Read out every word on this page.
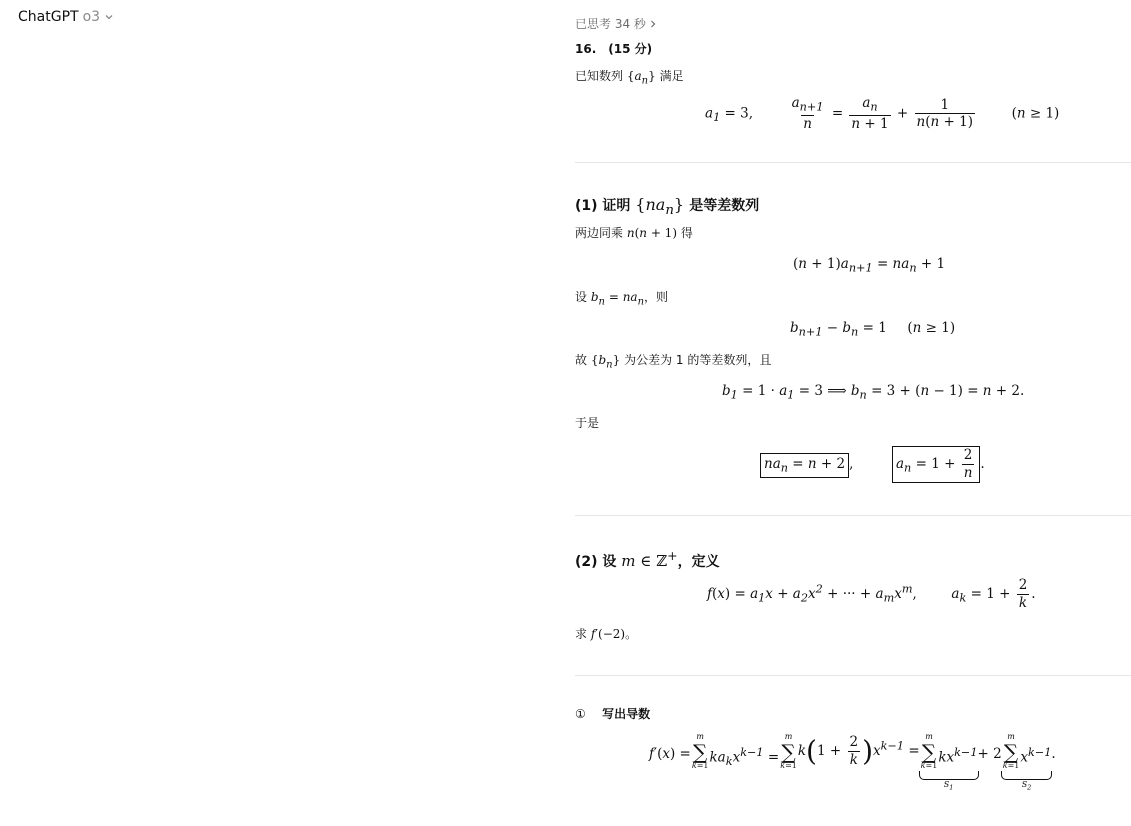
ChatGPT o3	已思考 34 秒
16. (15 分)
已知数列 $\{a_n\}$ 满足
$a_1 = 3$,	$\frac{a_{n+1}}{n} = \frac{a_n}{n + 1} + \frac{1}{n(n + 1)}$	(n ≥ 1)
(1) 证明 $\{na_n\}$ 是等差数列
两边同乘 n(n + 1) 得
$(n + 1)a_{n+1} = na_n + 1$
设 $b_n = na_n$，则
$b_{n+1} - b_n = 1$ (n ≥ 1)
故 $\{b_n\}$ 为公差为 1 的等差数列，且
$b_1 = 1 \cdot a_1 = 3$ ⟹ $b_n = 3 + (n - 1) = n + 2$.
于是
$na_n = n + 2$ ,	$a_n = 1 + \frac{2}{n}$ .
(2) 设 m ∈ ℤ+，定义
$f(x) = a_1x + a_2x^2$ + ··· + $a_mx^m$,  $a_k = 1 + \frac{2}{k}$ .
求 f′(−2)。
① 写出导数
f′(x) =
m
∑
k=1 $ka_kx^{k-1}$ =
m
∑
k=1
$k(1 + \frac{2}{k} )x^{k-1}$ =
m
∑
k=1 $kx^{k-1}$
$S_1$
+ 2
m
∑
k=1 $x^{k-1}$
$S_2$
.
